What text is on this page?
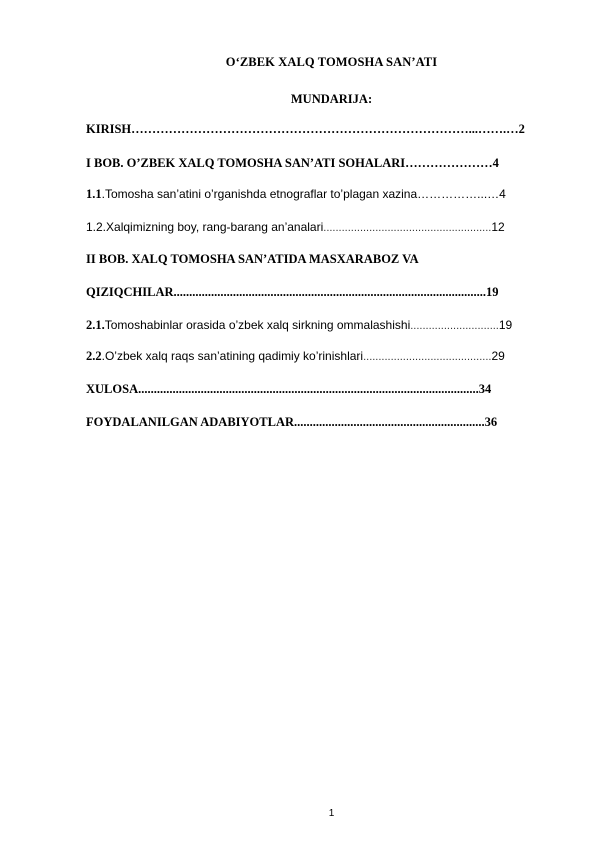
O‘ZBEK XALQ TOMOSHA SAN’ATI
MUNDARIJA:
KIRISH………………………………………………………………………...…….…2
I BOB. O’ZBEK XALQ TOMOSHA SAN’ATI SOHALARI…………………4
1.1.Tomosha san’atini o’rganishda etnograflar to’plagan xazina……………...…4
1.2.Xalqimizning boy, rang-barang an’analari.......................................................12
II BOB. XALQ TOMOSHA SAN’ATIDA MASXARABOZ VA
QIZIQCHILAR....................................................................................................19
2.1.Tomoshabinlar orasida o’zbek xalq sirkning ommalashishi.............................19
2.2.O’zbek xalq raqs san’atining qadimiy ko’rinishlari..........................................29
XULOSA.............................................................................................................34
FOYDALANILGAN ADABIYOTLAR.............................................................36
1
